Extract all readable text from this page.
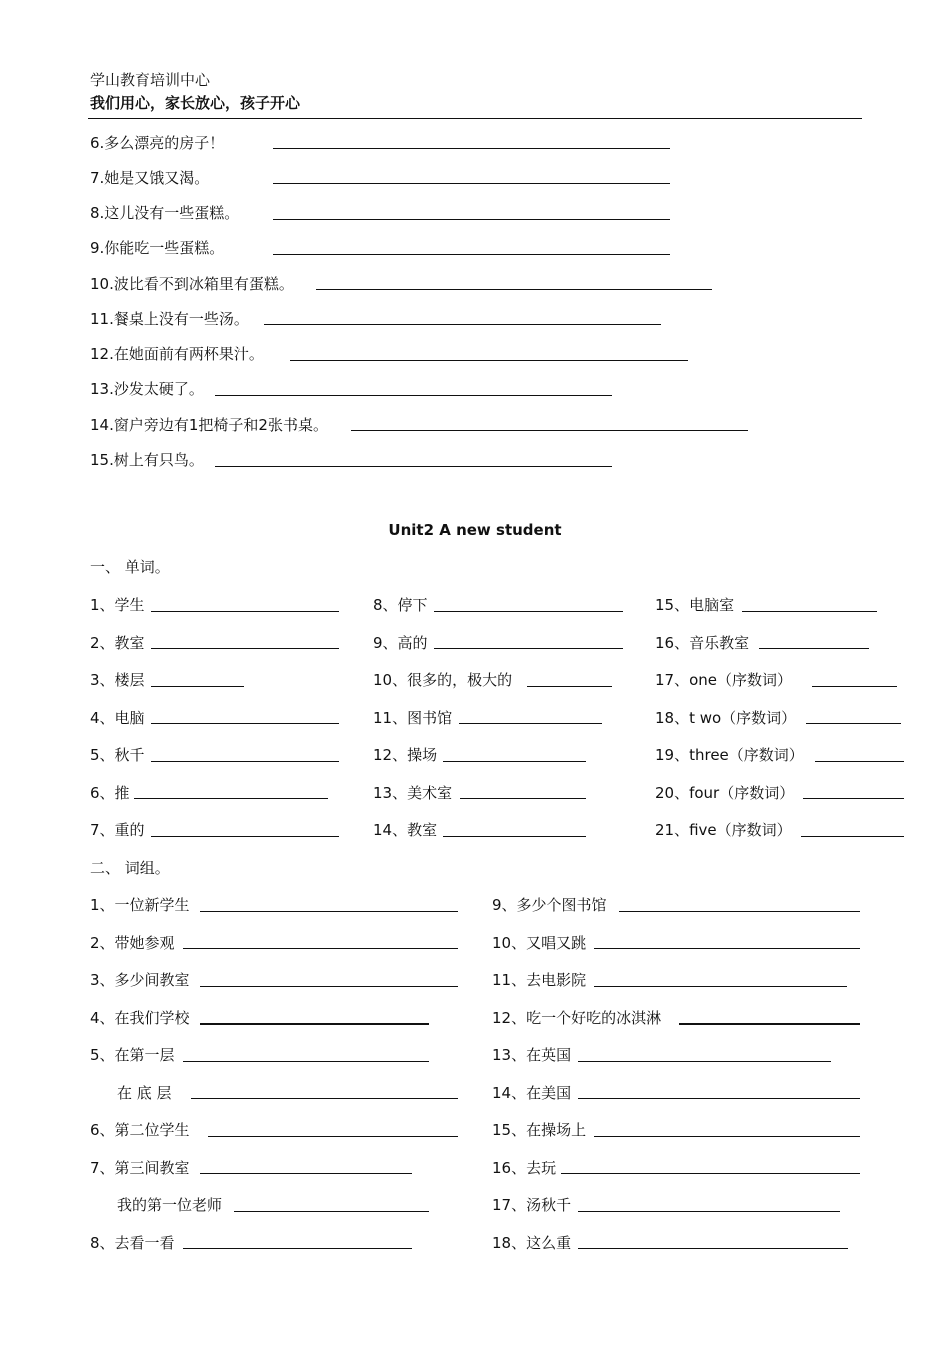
学山教育培训中心
我们用心，家长放心，孩子开心
6.多么漂亮的房子！
7.她是又饿又渴。
8.这儿没有一些蛋糕。
9.你能吃一些蛋糕。
10.波比看不到冰箱里有蛋糕。
11.餐桌上没有一些汤。
12.在她面前有两杯果汁。
13.沙发太硬了。
14.窗户旁边有1把椅子和2张书桌。
15.树上有只鸟。
Unit2 A new student
一、 单词。
1、学生
2、教室
3、楼层
4、电脑
5、秋千
6、推
7、重的
8、停下
9、高的
10、很多的，极大的
11、图书馆
12、操场
13、美术室
14、教室
15、电脑室
16、音乐教室
17、one（序数词）
18、t wo（序数词）
19、three（序数词）
20、four（序数词）
21、five（序数词）
二、 词组。
1、一位新学生
2、带她参观
3、多少间教室
4、在我们学校
5、在第一层
在 底 层
6、第二位学生
7、第三间教室
我的第一位老师
8、去看一看
9、多少个图书馆
10、又唱又跳
11、去电影院
12、吃一个好吃的冰淇淋
13、在英国
14、在美国
15、在操场上
16、去玩
17、汤秋千
18、这么重
